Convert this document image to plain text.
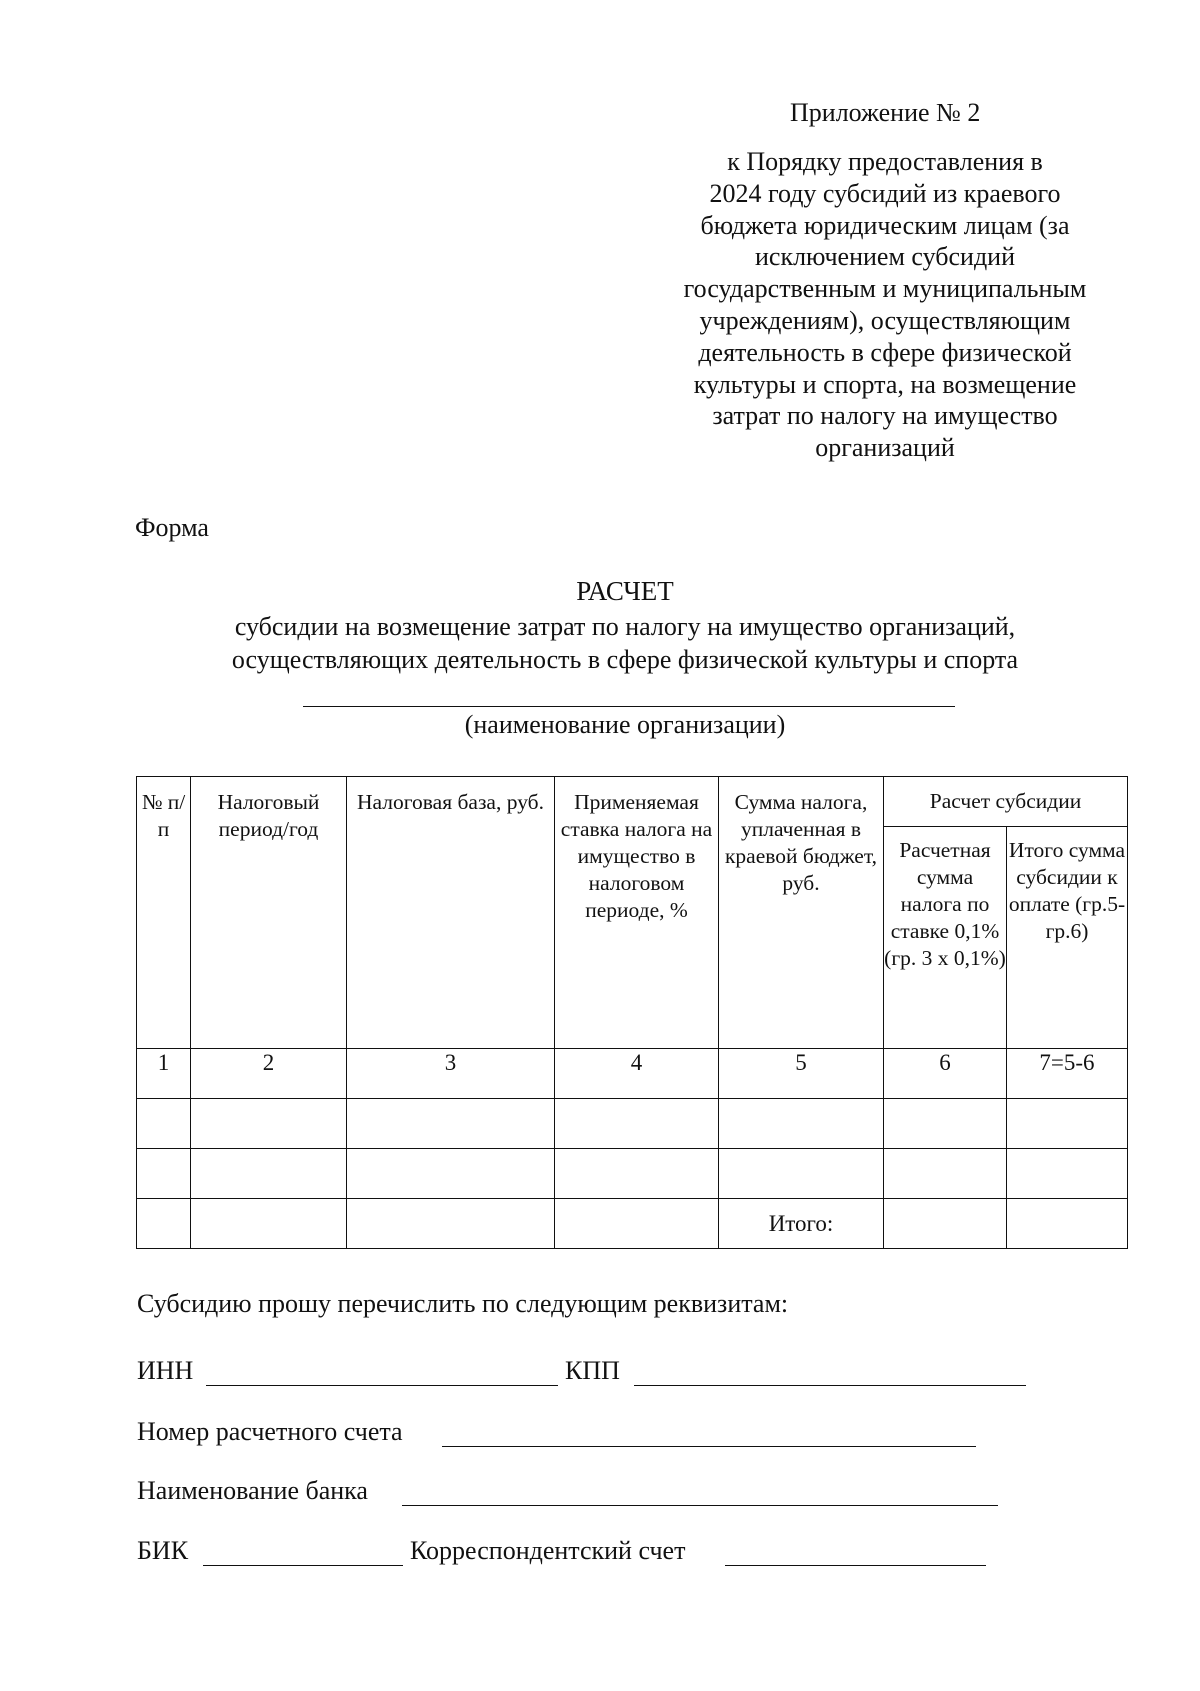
Приложение № 2
к Порядку предоставления в
2024 году субсидий из краевого
бюджета юридическим лицам (за
исключением субсидий
государственным и муниципальным
учреждениям), осуществляющим
деятельность в сфере физической
культуры и спорта, на возмещение
затрат по налогу на имущество
организаций
Форма
РАСЧЕТ
субсидии на возмещение затрат по налогу на имущество организаций,
осуществляющих деятельность в сфере физической культуры и спорта
(наименование организации)
№ п/п	Налоговый период/год	Налоговая база, руб.	Применяемая ставка налога на имущество в налоговом периоде, %	Сумма налога, уплаченная в краевой бюджет, руб.	Расчет субсидии	
					Расчетная сумма налога по ставке 0,1% (гр. 3 х 0,1%)	Итого сумма субсидии к оплате (гр.5-гр.6)
1	2	3	4	5	6	7=5-6

				Итого:		
Субсидию прошу перечислить по следующим реквизитам:
ИНН	КПП
Номер расчетного счета
Наименование банка
БИК	Корреспондентский счет
